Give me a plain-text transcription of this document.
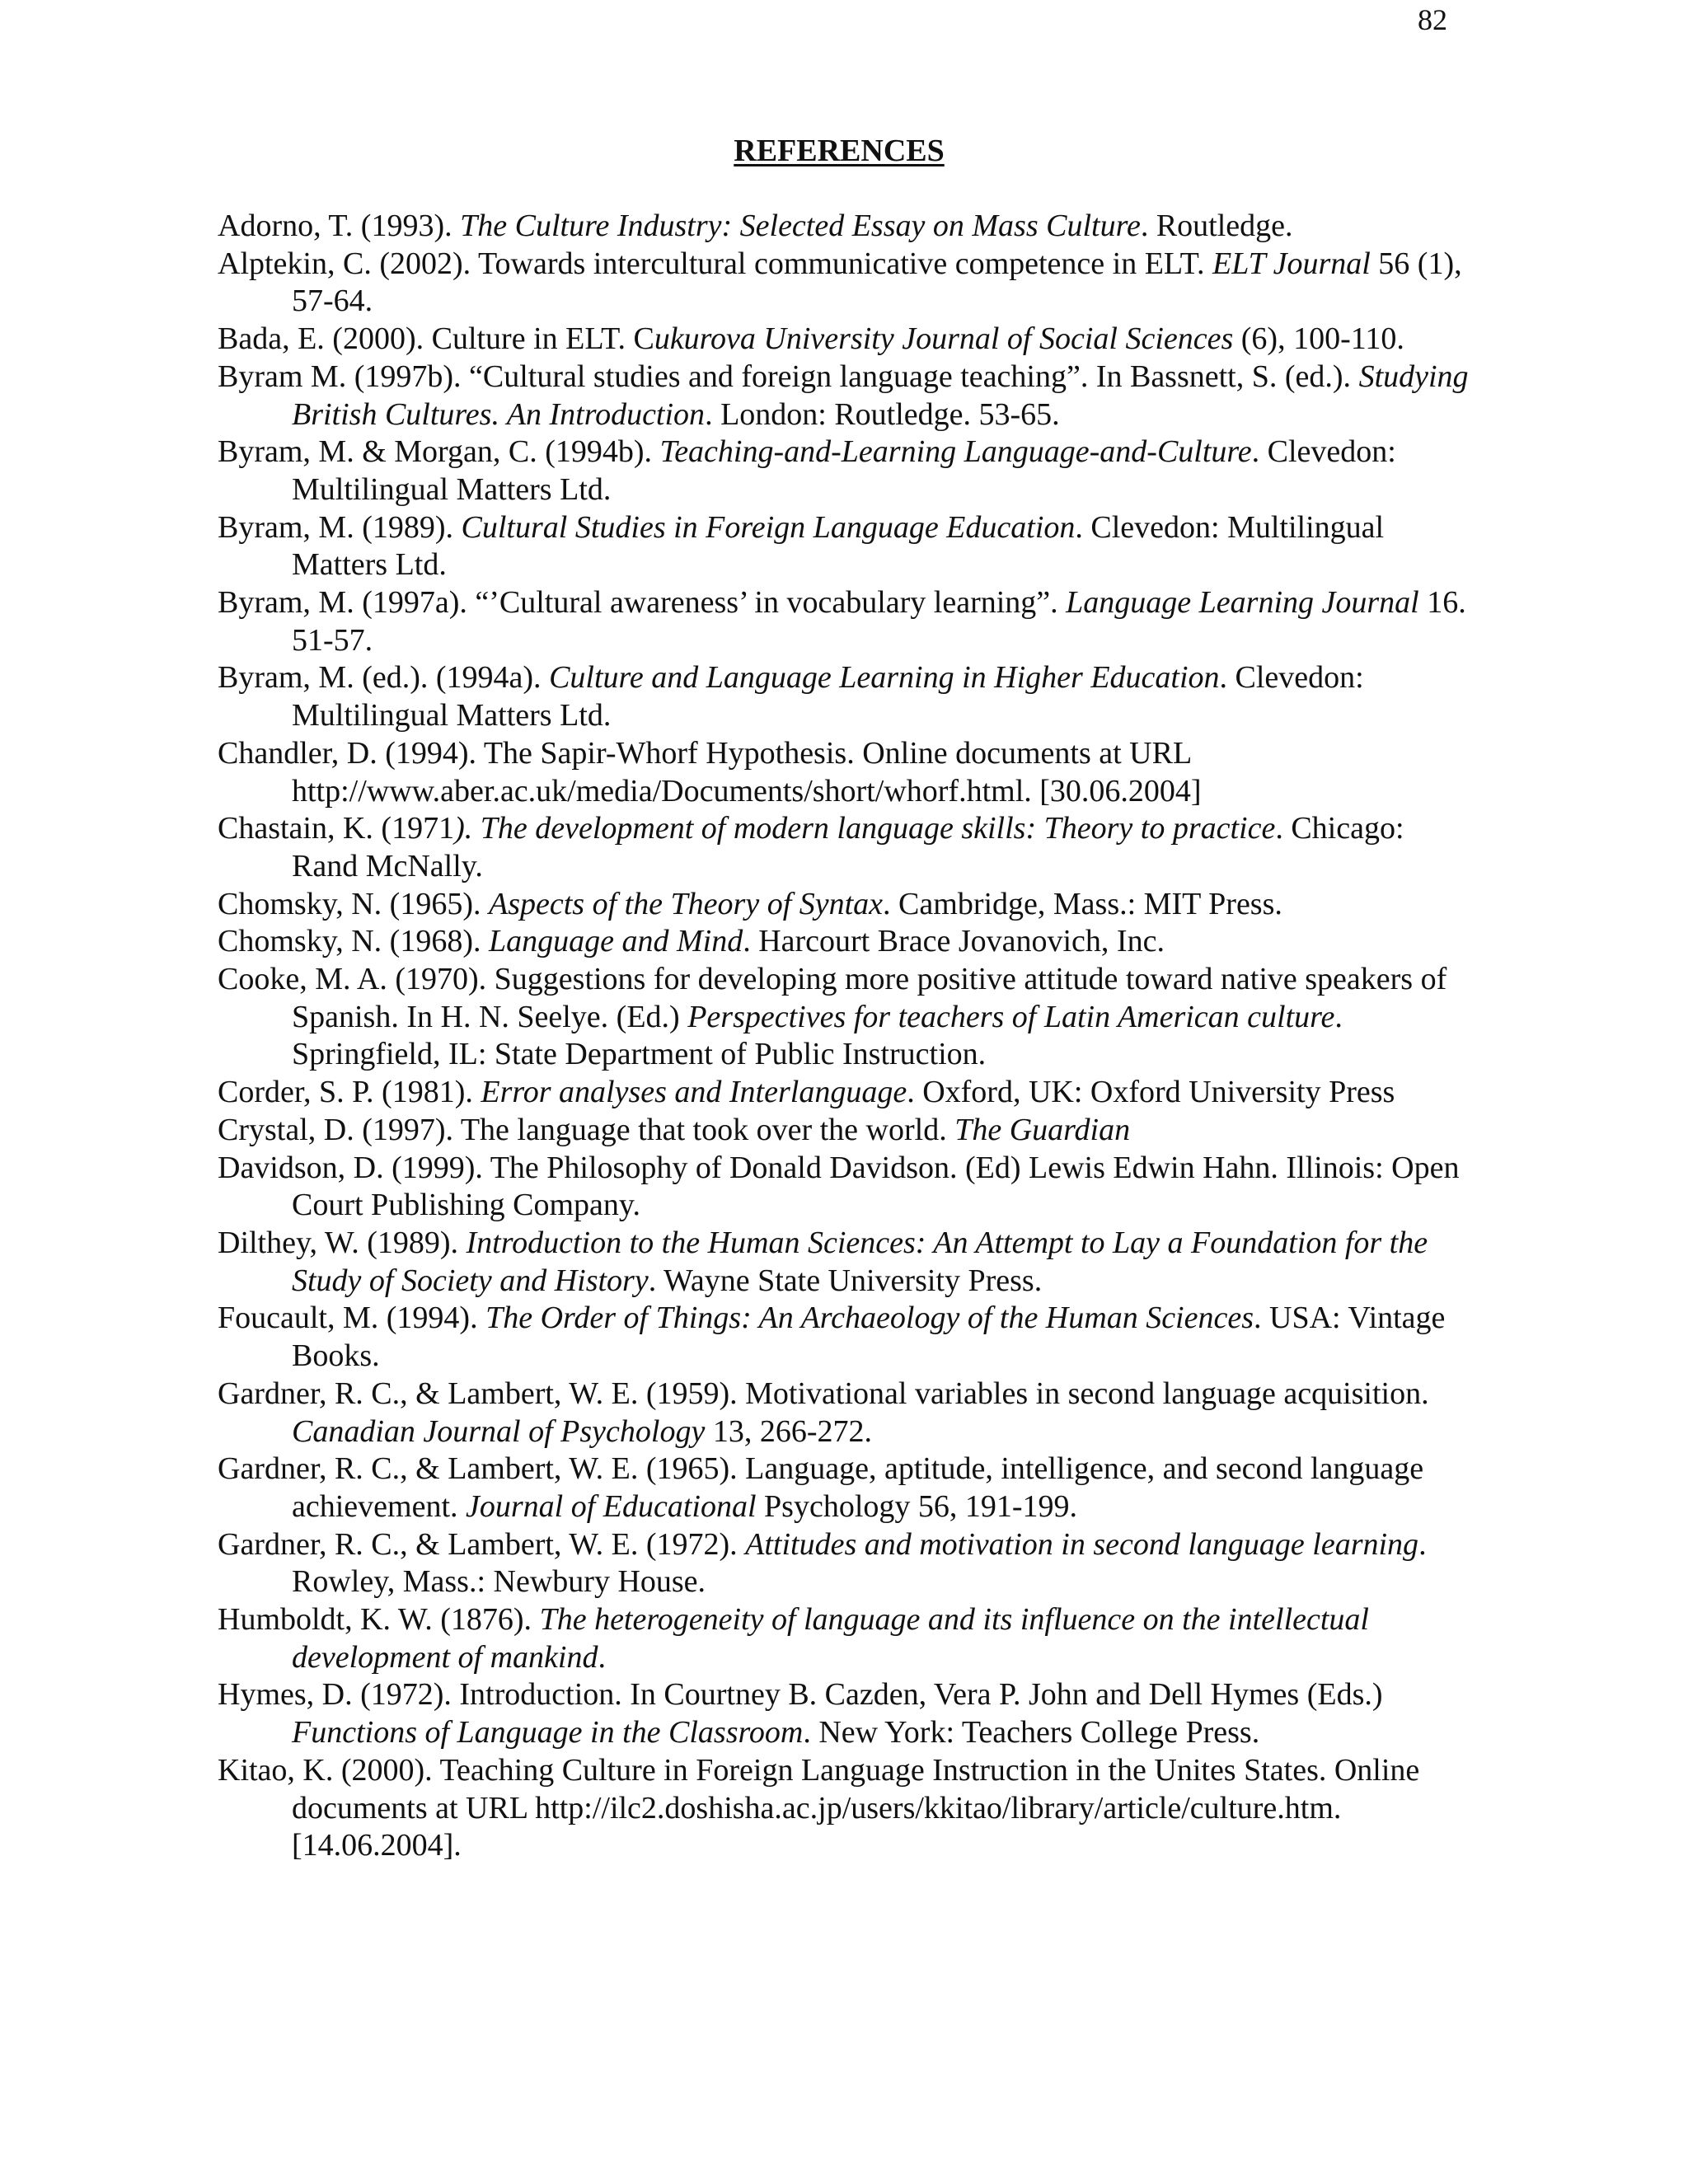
82
REFERENCES
Adorno, T. (1993). The Culture Industry: Selected Essay on Mass Culture. Routledge.
Alptekin, C. (2002). Towards intercultural communicative competence in ELT. ELT Journal 56 (1), 57-64.
Bada, E. (2000). Culture in ELT. Cukurova University Journal of Social Sciences (6), 100-110.
Byram M. (1997b). “Cultural studies and foreign language teaching”. In Bassnett, S. (ed.). Studying British Cultures. An Introduction. London: Routledge. 53-65.
Byram, M. & Morgan, C. (1994b). Teaching-and-Learning Language-and-Culture. Clevedon: Multilingual Matters Ltd.
Byram, M. (1989). Cultural Studies in Foreign Language Education. Clevedon: Multilingual Matters Ltd.
Byram, M. (1997a). “’Cultural awareness’ in vocabulary learning”. Language Learning Journal 16. 51-57.
Byram, M. (ed.). (1994a). Culture and Language Learning in Higher Education. Clevedon: Multilingual Matters Ltd.
Chandler, D. (1994). The Sapir-Whorf Hypothesis. Online documents at URL http://www.aber.ac.uk/media/Documents/short/whorf.html. [30.06.2004]
Chastain, K. (1971). The development of modern language skills: Theory to practice. Chicago: Rand McNally.
Chomsky, N. (1965). Aspects of the Theory of Syntax. Cambridge, Mass.: MIT Press.
Chomsky, N. (1968). Language and Mind. Harcourt Brace Jovanovich, Inc.
Cooke, M. A. (1970). Suggestions for developing more positive attitude toward native speakers of Spanish. In H. N. Seelye. (Ed.) Perspectives for teachers of Latin American culture. Springfield, IL: State Department of Public Instruction.
Corder, S. P. (1981). Error analyses and Interlanguage. Oxford, UK: Oxford University Press
Crystal, D. (1997). The language that took over the world. The Guardian
Davidson, D. (1999). The Philosophy of Donald Davidson. (Ed) Lewis Edwin Hahn. Illinois: Open Court Publishing Company.
Dilthey, W. (1989). Introduction to the Human Sciences: An Attempt to Lay a Foundation for the Study of Society and History. Wayne State University Press.
Foucault, M. (1994). The Order of Things: An Archaeology of the Human Sciences. USA: Vintage Books.
Gardner, R. C., & Lambert, W. E. (1959). Motivational variables in second language acquisition. Canadian Journal of Psychology 13, 266-272.
Gardner, R. C., & Lambert, W. E. (1965). Language, aptitude, intelligence, and second language achievement. Journal of Educational Psychology 56, 191-199.
Gardner, R. C., & Lambert, W. E. (1972). Attitudes and motivation in second language learning. Rowley, Mass.: Newbury House.
Humboldt, K. W. (1876). The heterogeneity of language and its influence on the intellectual development of mankind.
Hymes, D. (1972). Introduction. In Courtney B. Cazden, Vera P. John and Dell Hymes (Eds.) Functions of Language in the Classroom. New York: Teachers College Press.
Kitao, K. (2000). Teaching Culture in Foreign Language Instruction in the Unites States. Online documents at URL http://ilc2.doshisha.ac.jp/users/kkitao/library/article/culture.htm. [14.06.2004].
